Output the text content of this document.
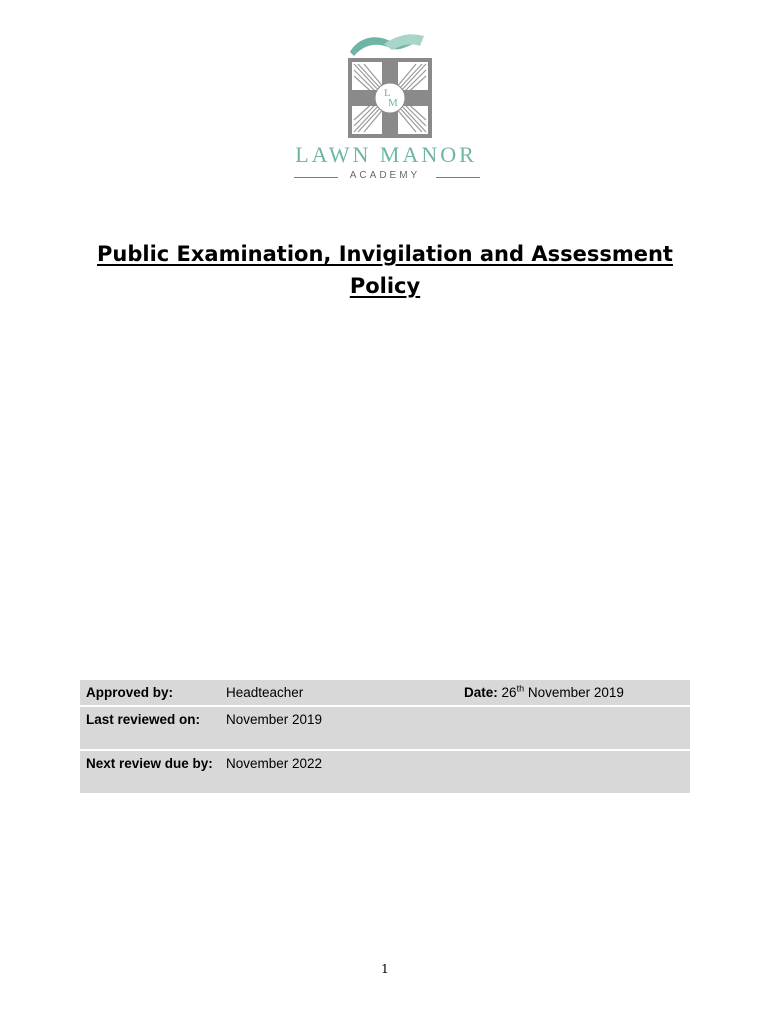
L
M
LAWN MANOR
ACADEMY
Public Examination, Invigilation and Assessment Policy
Approved by:	Headteacher	Date: 26th November 2019
Last reviewed on:	November 2019	
Next review due by:	November 2022	
1
